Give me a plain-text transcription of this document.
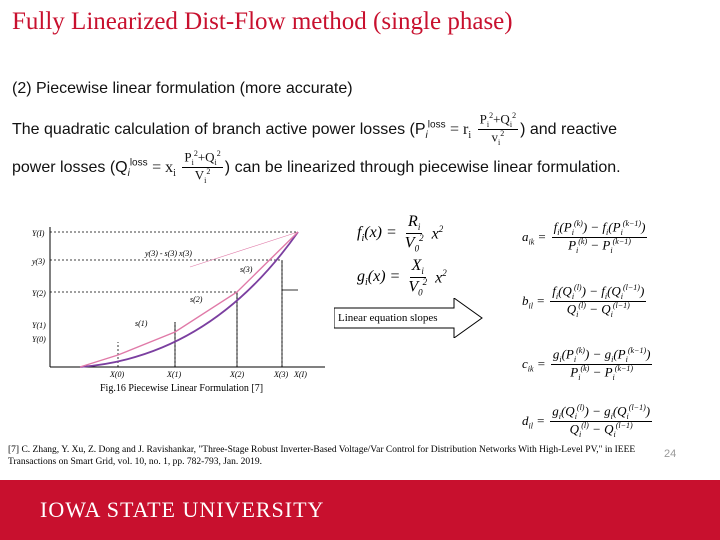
Fully Linearized Dist-Flow method (single phase)
(2) Piecewise linear formulation (more accurate)
The quadratic calculation of branch active power losses ($P_i^{loss} = r_i \frac{P_i^2+Q_i^2}{v_i^2}$ ) and reactive
power losses ($Q_i^{loss} = x_i \frac{P_i^2+Q_i^2}{V_i^2}$ ) can be linearized through piecewise linear formulation.
Y(I)
y(3)
Y(2)
Y(1)
Y(0)
X(0)	X(1)	X(2)	X(3) X(I)
y(3) - s(3) x(3)
s(3)
s(2)
s(1)
Fig.16 Piecewise Linear Formulation [7]
$f_i(x) = \frac{R_i}{V_0^2} x^2$
$g_i(x) = \frac{X_i}{V_0^2} x^2$
Linear equation slopes
$a_{ik} = \frac{f_i(P_i^{(k)}) - f_i(P_i^{(k-1)})}{P_i^{(k)} - P_i^{(k-1)}}$
$b_{il} = \frac{f_i(Q_i^{(l)}) - f_i(Q_i^{(l-1)})}{Q_i^{(l)} - Q_i^{(l-1)}}$
$c_{ik} = \frac{g_i(P_i^{(k)}) - g_i(P_i^{(k-1)})}{P_i^{(k)} - P_i^{(k-1)}}$
$d_{il} = \frac{g_i(Q_i^{(l)}) - g_i(Q_i^{(l-1)})}{Q_i^{(l)} - Q_i^{(l-1)}}$
[7] C. Zhang, Y. Xu, Z. Dong and J. Ravishankar, "Three-Stage Robust Inverter-Based Voltage/Var Control for Distribution Networks With High-Level PV," in IEEE Transactions on Smart Grid, vol. 10, no. 1, pp. 782-793, Jan. 2019.
24
IOWA STATE UNIVERSITY
